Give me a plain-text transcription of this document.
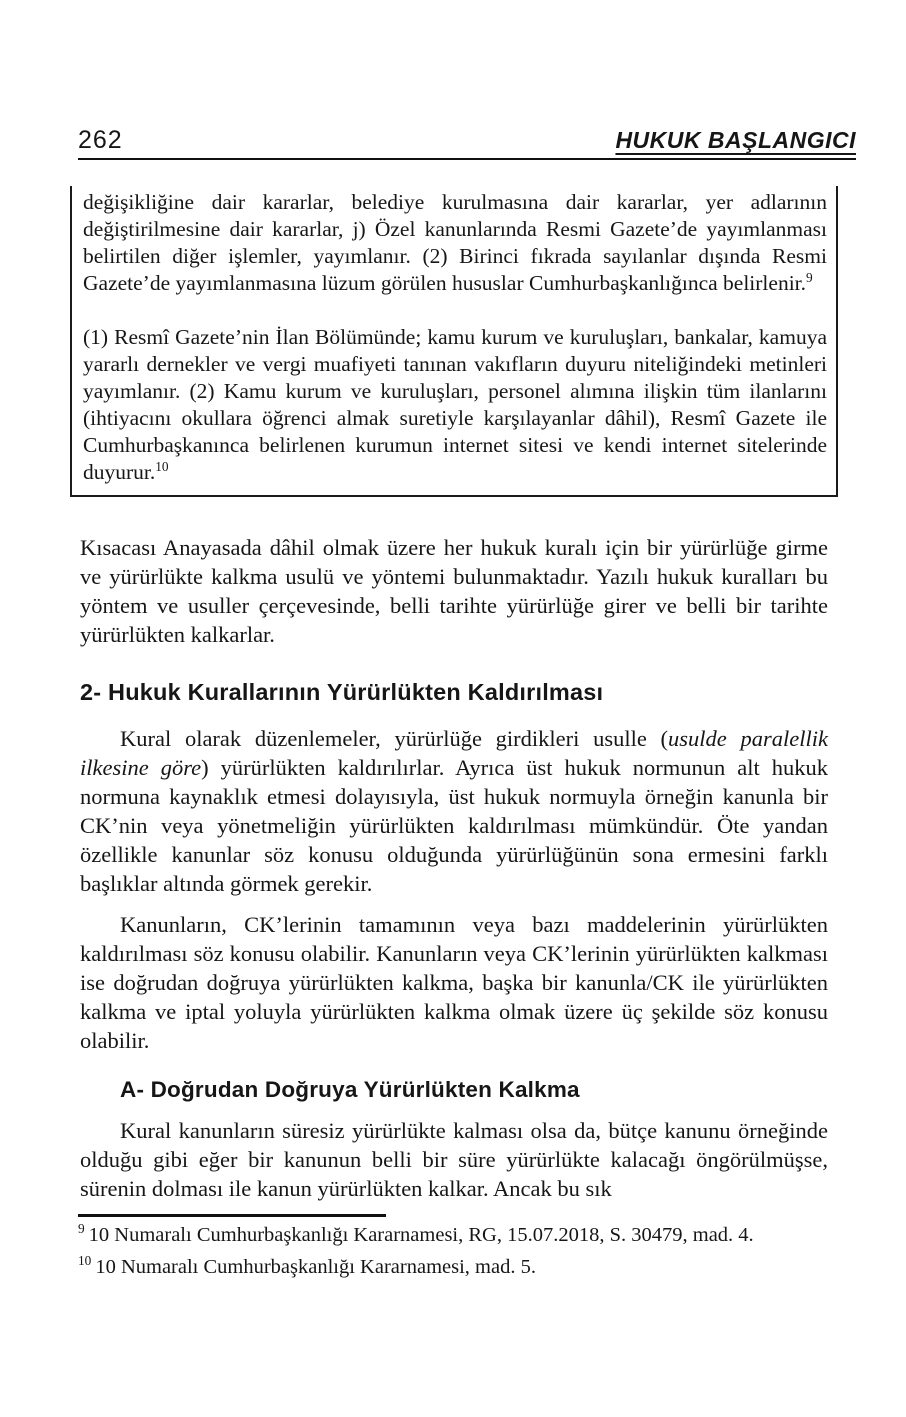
262	HUKUK BAŞLANGICI

değişikliğine dair kararlar, belediye kurulmasına dair kararlar, yer adlarının değiştirilmesine dair kararlar, j) Özel kanunlarında Resmi Gazete’de yayımlanması belirtilen diğer işlemler, yayımlanır. (2) Birinci fıkrada sayılanlar dışında Resmi Gazete’de yayımlanmasına lüzum görülen hususlar Cumhurbaşkanlığınca belirlenir.$^9$

(1) Resmî Gazete’nin İlan Bölümünde; kamu kurum ve kuruluşları, bankalar, kamuya yararlı dernekler ve vergi muafiyeti tanınan vakıfların duyuru niteliğindeki metinleri yayımlanır. (2) Kamu kurum ve kuruluşları, personel alımına ilişkin tüm ilanlarını (ihtiyacını okullara öğrenci almak suretiyle karşılayanlar dâhil), Resmî Gazete ile Cumhurbaşkanınca belirlenen kurumun internet sitesi ve kendi internet sitelerinde duyurur.$^{10}$

Kısacası Anayasada dâhil olmak üzere her hukuk kuralı için bir yürürlüğe girme ve yürürlükte kalkma usulü ve yöntemi bulunmaktadır. Yazılı hukuk kuralları bu yöntem ve usuller çerçevesinde, belli tarihte yürürlüğe girer ve belli bir tarihte yürürlükten kalkarlar.

2- Hukuk Kurallarının Yürürlükten Kaldırılması

Kural olarak düzenlemeler, yürürlüğe girdikleri usulle (usulde paralellik ilkesine göre) yürürlükten kaldırılırlar. Ayrıca üst hukuk normunun alt hukuk normuna kaynaklık etmesi dolayısıyla, üst hukuk normuyla örneğin kanunla bir CK’nin veya yönetmeliğin yürürlükten kaldırılması mümkündür. Öte yandan özellikle kanunlar söz konusu olduğunda yürürlüğünün sona ermesini farklı başlıklar altında görmek gerekir.

Kanunların, CK’lerinin tamamının veya bazı maddelerinin yürürlükten kaldırılması söz konusu olabilir. Kanunların veya CK’lerinin yürürlükten kalkması ise doğrudan doğruya yürürlükten kalkma, başka bir kanunla/CK ile yürürlükten kalkma ve iptal yoluyla yürürlükten kalkma olmak üzere üç şekilde söz konusu olabilir.

A- Doğrudan Doğruya Yürürlükten Kalkma

Kural kanunların süresiz yürürlükte kalması olsa da, bütçe kanunu örneğinde olduğu gibi eğer bir kanunun belli bir süre yürürlükte kalacağı öngörülmüşse, sürenin dolması ile kanun yürürlükten kalkar. Ancak bu sık

$^9$ 10 Numaralı Cumhurbaşkanlığı Kararnamesi, RG, 15.07.2018, S. 30479, mad. 4.

$^{10}$ 10 Numaralı Cumhurbaşkanlığı Kararnamesi, mad. 5.
